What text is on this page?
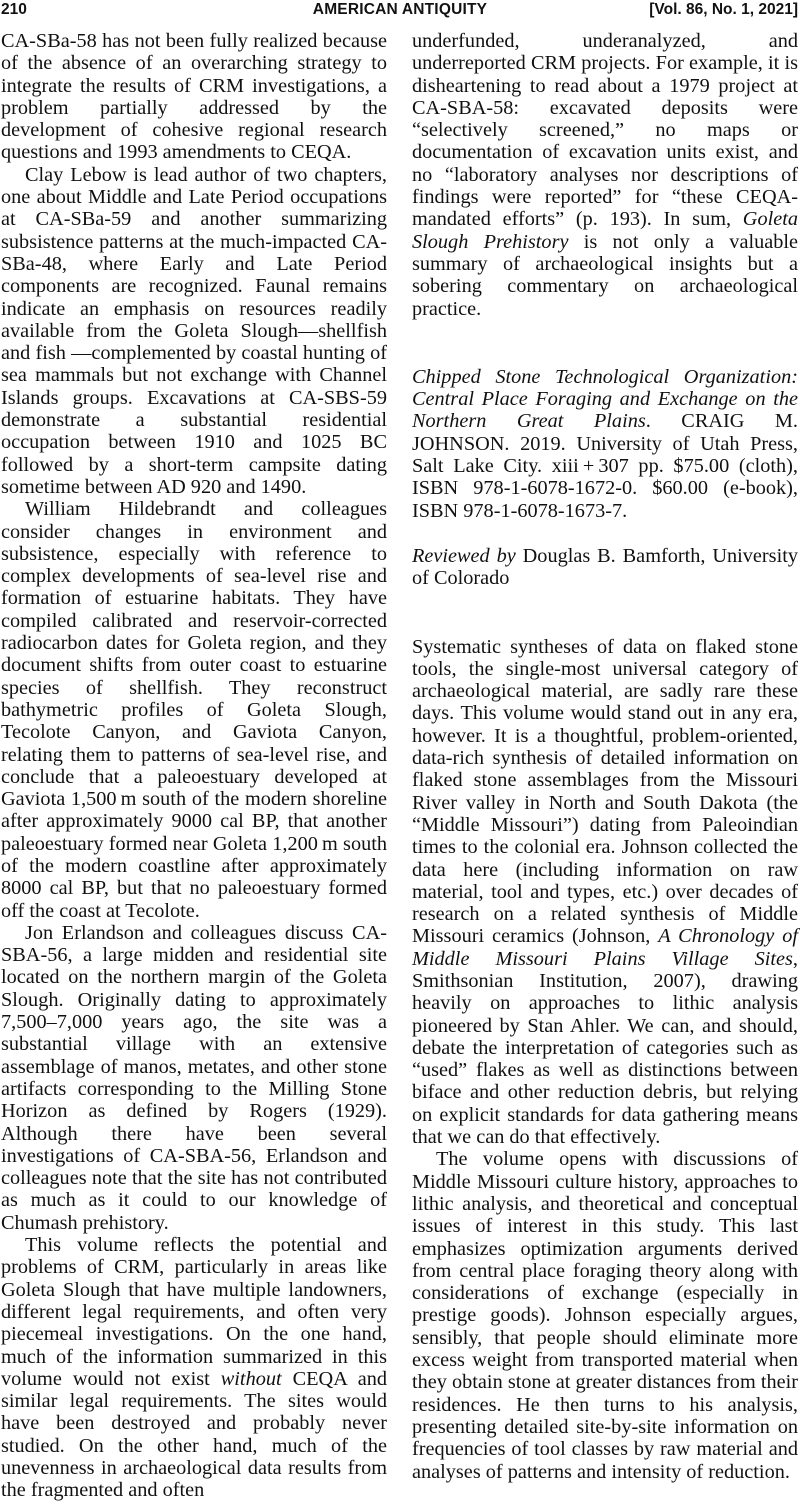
210	AMERICAN ANTIQUITY	[Vol. 86, No. 1, 2021]

CA-SBa-58 has not been fully realized because of the absence of an overarching strategy to integrate the results of CRM investigations, a problem partially addressed by the development of cohesive regional research questions and 1993 amendments to CEQA.

Clay Lebow is lead author of two chapters, one about Middle and Late Period occupations at CA-SBa-59 and another summarizing subsistence patterns at the much-impacted CA-SBa-48, where Early and Late Period components are recognized. Faunal remains indicate an emphasis on resources readily available from the Goleta Slough—shellfish and fish —complemented by coastal hunting of sea mammals but not exchange with Channel Islands groups. Excavations at CA-SBS-59 demonstrate a substantial residential occupation between 1910 and 1025 BC followed by a short-term campsite dating sometime between AD 920 and 1490.

William Hildebrandt and colleagues consider changes in environment and subsistence, especially with reference to complex developments of sea-level rise and formation of estuarine habitats. They have compiled calibrated and reservoir-corrected radiocarbon dates for Goleta region, and they document shifts from outer coast to estuarine species of shellfish. They reconstruct bathymetric profiles of Goleta Slough, Tecolote Canyon, and Gaviota Canyon, relating them to patterns of sea-level rise, and conclude that a paleoestuary developed at Gaviota 1,500 m south of the modern shoreline after approximately 9000 cal BP, that another paleoestuary formed near Goleta 1,200 m south of the modern coastline after approximately 8000 cal BP, but that no paleoestuary formed off the coast at Tecolote.

Jon Erlandson and colleagues discuss CA-SBA-56, a large midden and residential site located on the northern margin of the Goleta Slough. Originally dating to approximately 7,500–7,000 years ago, the site was a substantial village with an extensive assemblage of manos, metates, and other stone artifacts corresponding to the Milling Stone Horizon as defined by Rogers (1929). Although there have been several investigations of CA-SBA-56, Erlandson and colleagues note that the site has not contributed as much as it could to our knowledge of Chumash prehistory.

This volume reflects the potential and problems of CRM, particularly in areas like Goleta Slough that have multiple landowners, different legal requirements, and often very piecemeal investigations. On the one hand, much of the information summarized in this volume would not exist without CEQA and similar legal requirements. The sites would have been destroyed and probably never studied. On the other hand, much of the unevenness in archaeological data results from the fragmented and often

underfunded, underanalyzed, and underreported CRM projects. For example, it is disheartening to read about a 1979 project at CA-SBA-58: excavated deposits were “selectively screened,” no maps or documentation of excavation units exist, and no “laboratory analyses nor descriptions of findings were reported” for “these CEQA-mandated efforts” (p. 193). In sum, Goleta Slough Prehistory is not only a valuable summary of archaeological insights but a sobering commentary on archaeological practice.

Chipped Stone Technological Organization: Central Place Foraging and Exchange on the Northern Great Plains. CRAIG M. JOHNSON. 2019. University of Utah Press, Salt Lake City. xiii + 307 pp. $75.00 (cloth), ISBN 978-1-6078-1672-0. $60.00 (e-book), ISBN 978-1-6078-1673-7.

Reviewed by Douglas B. Bamforth, University of Colorado

Systematic syntheses of data on flaked stone tools, the single-most universal category of archaeological material, are sadly rare these days. This volume would stand out in any era, however. It is a thoughtful, problem-oriented, data-rich synthesis of detailed information on flaked stone assemblages from the Missouri River valley in North and South Dakota (the “Middle Missouri”) dating from Paleoindian times to the colonial era. Johnson collected the data here (including information on raw material, tool and types, etc.) over decades of research on a related synthesis of Middle Missouri ceramics (Johnson, A Chronology of Middle Missouri Plains Village Sites, Smithsonian Institution, 2007), drawing heavily on approaches to lithic analysis pioneered by Stan Ahler. We can, and should, debate the interpretation of categories such as “used” flakes as well as distinctions between biface and other reduction debris, but relying on explicit standards for data gathering means that we can do that effectively.

The volume opens with discussions of Middle Missouri culture history, approaches to lithic analysis, and theoretical and conceptual issues of interest in this study. This last emphasizes optimization arguments derived from central place foraging theory along with considerations of exchange (especially in prestige goods). Johnson especially argues, sensibly, that people should eliminate more excess weight from transported material when they obtain stone at greater distances from their residences. He then turns to his analysis, presenting detailed site-by-site information on frequencies of tool classes by raw material and analyses of patterns and intensity of reduction.
